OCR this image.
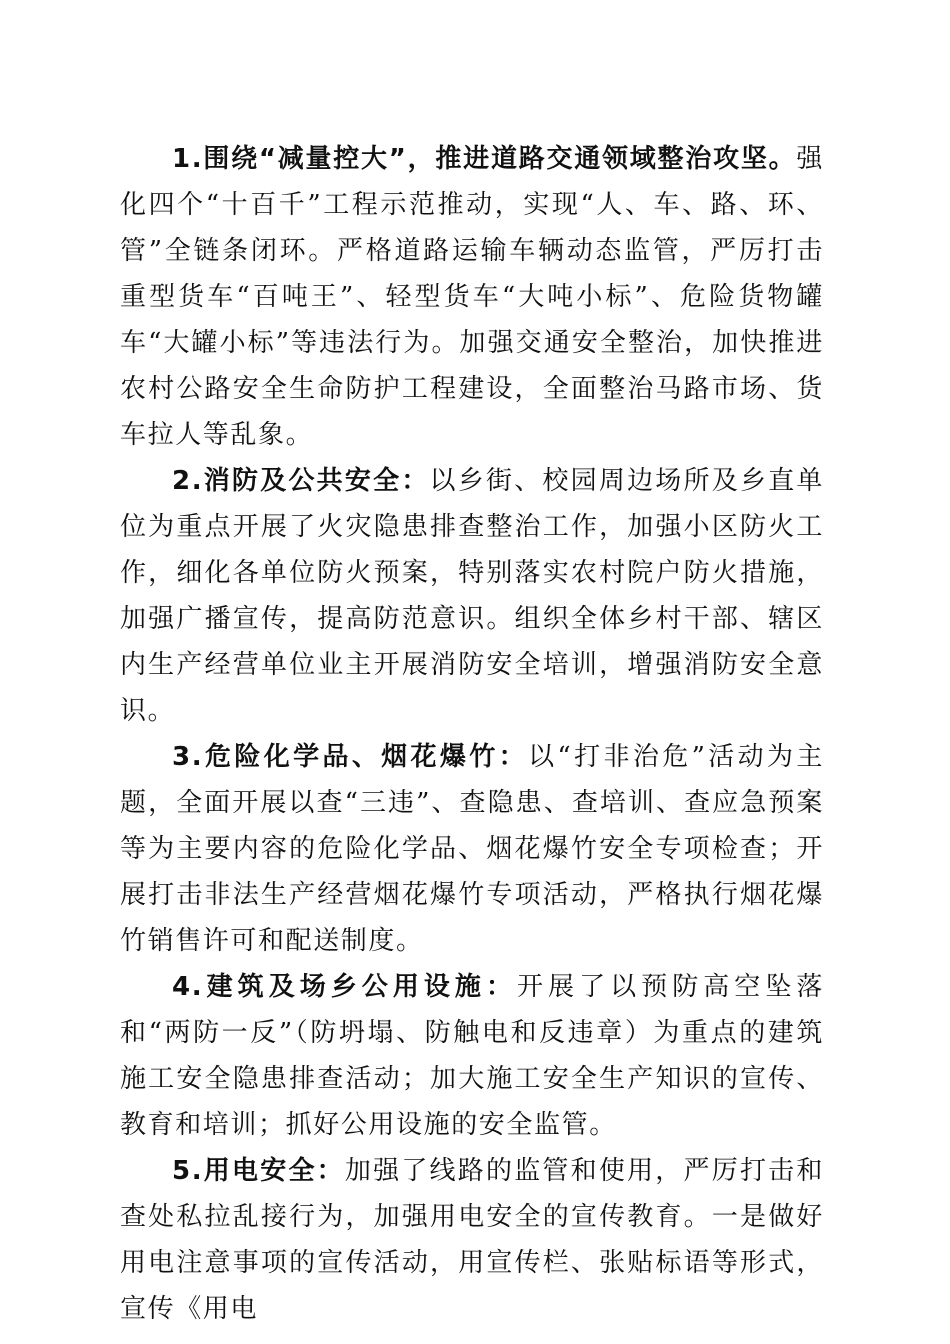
1.围绕“减量控大”，推进道路交通领域整治攻坚。强化四个“十百千”工程示范推动，实现“人、车、路、环、管”全链条闭环。严格道路运输车辆动态监管，严厉打击重型货车“百吨王”、轻型货车“大吨小标”、危险货物罐车“大罐小标”等违法行为。加强交通安全整治，加快推进农村公路安全生命防护工程建设，全面整治马路市场、货车拉人等乱象。

2.消防及公共安全：以乡街、校园周边场所及乡直单位为重点开展了火灾隐患排查整治工作，加强小区防火工作，细化各单位防火预案，特别落实农村院户防火措施，加强广播宣传，提高防范意识。组织全体乡村干部、辖区内生产经营单位业主开展消防安全培训，增强消防安全意识。

3.危险化学品、烟花爆竹：以“打非治危”活动为主题，全面开展以查“三违”、查隐患、查培训、查应急预案等为主要内容的危险化学品、烟花爆竹安全专项检查；开展打击非法生产经营烟花爆竹专项活动，严格执行烟花爆竹销售许可和配送制度。

4.建筑及场乡公用设施：开展了以预防高空坠落和“两防一反”（防坍塌、防触电和反违章）为重点的建筑施工安全隐患排查活动；加大施工安全生产知识的宣传、教育和培训；抓好公用设施的安全监管。

5.用电安全：加强了线路的监管和使用，严厉打击和查处私拉乱接行为，加强用电安全的宣传教育。一是做好用电注意事项的宣传活动，用宣传栏、张贴标语等形式，宣传《用电
